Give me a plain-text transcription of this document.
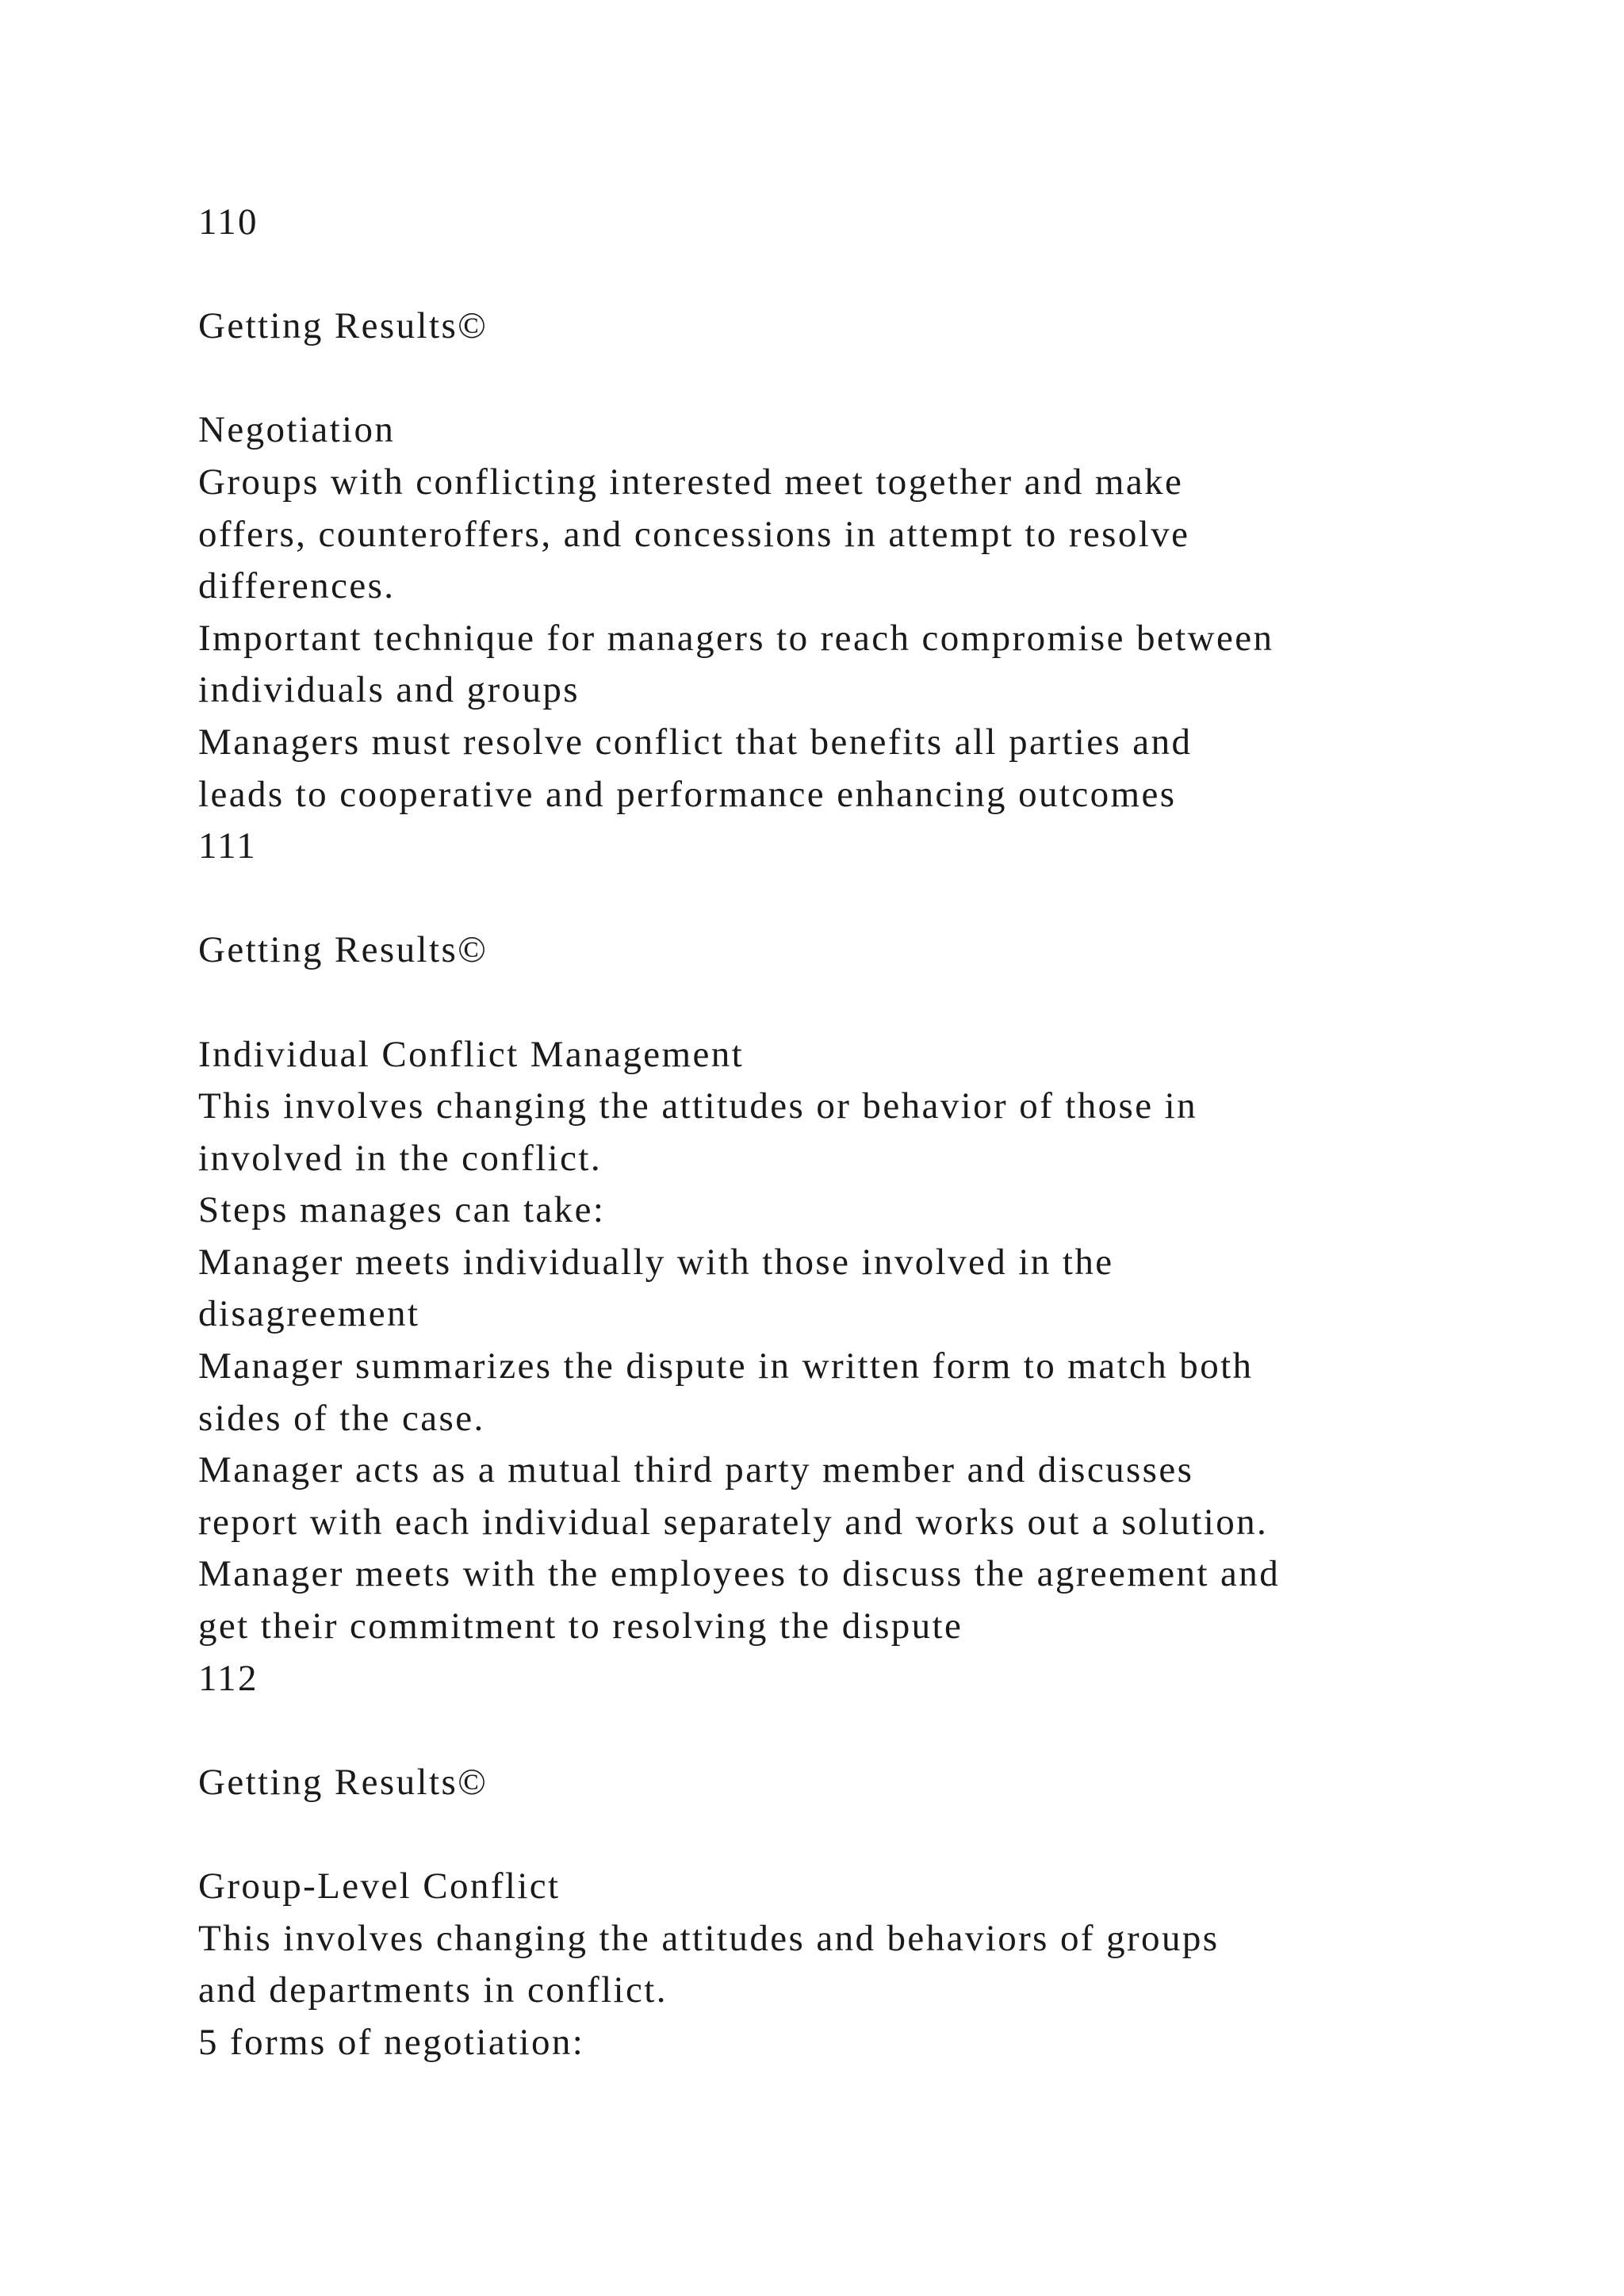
110
Getting Results©
Negotiation
Groups with conflicting interested meet together and make
offers, counteroffers, and concessions in attempt to resolve
differences.
Important technique for managers to reach compromise between
individuals and groups
Managers must resolve conflict that benefits all parties and
leads to cooperative and performance enhancing outcomes
111
Getting Results©
Individual Conflict Management
This involves changing the attitudes or behavior of those in
involved in the conflict.
Steps manages can take:
Manager meets individually with those involved in the
disagreement
Manager summarizes the dispute in written form to match both
sides of the case.
Manager acts as a mutual third party member and discusses
report with each individual separately and works out a solution.
Manager meets with the employees to discuss the agreement and
get their commitment to resolving the dispute
112
Getting Results©
Group-Level Conflict
This involves changing the attitudes and behaviors of groups
and departments in conflict.
5 forms of negotiation:
